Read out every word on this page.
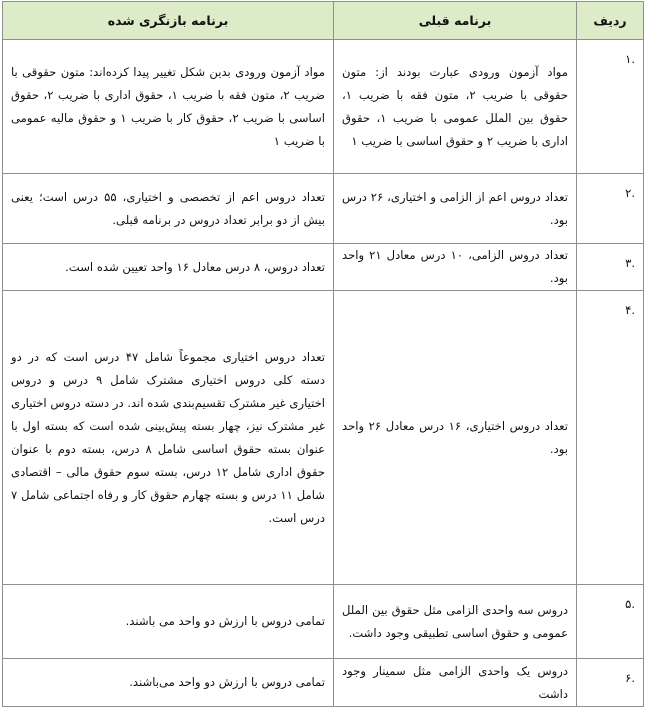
ردیف	برنامه قبلی	برنامه بازنگری شده
.۱	مواد آزمون ورودی عبارت بودند از: متون حقوقی با ضریب ۲، متون فقه با ضریب ۱، حقوق بین الملل عمومی با ضریب ۱، حقوق اداری با ضریب ۲ و حقوق اساسی با ضریب ۱	مواد آزمون ورودی بدین شکل تغییر پیدا کرده‌اند: متون حقوقی با ضریب ۲، متون فقه با ضریب ۱، حقوق اداری با ضریب ۲، حقوق اساسی با ضریب ۲، حقوق کار با ضریب ۱ و حقوق مالیه عمومی با ضریب ۱
.۲	تعداد دروس اعم از الزامی و اختیاری، ۲۶ درس بود.	تعداد دروس اعم از تخصصی و اختیاری، ۵۵ درس است؛ یعنی بیش از دو برابر تعداد دروس در برنامه قبلی.
.۳	تعداد دروس الزامی، ۱۰ درس معادل ۲۱ واحد بود.	تعداد دروس، ۸ درس معادل ۱۶ واحد تعیین شده است.
.۴	تعداد دروس اختیاری، ۱۶ درس معادل ۲۶ واحد بود.	تعداد دروس اختیاری مجموعاً شامل ۴۷ درس است که در دو دسته کلی دروس اختیاری مشترک شامل ۹ درس و دروس اختیاری غیر مشترک تقسیم‌بندی شده اند. در دسته دروس اختیاری غیر مشترک نیز، چهار بسته پیش‌بینی شده است که بسته اول با عنوان بسته حقوق اساسی شامل ۸ درس، بسته دوم با عنوان حقوق اداری شامل ۱۲ درس، بسته سوم حقوق مالی – اقتصادی شامل ۱۱ درس و بسته چهارم حقوق کار و رفاه اجتماعی شامل ۷ درس است.
.۵	دروس سه واحدی الزامی مثل حقوق بین الملل عمومی و حقوق اساسی تطبیقی وجود داشت.	تمامی دروس با ارزش دو واحد می باشند.
.۶	دروس یک واحدی الزامی مثل سمینار وجود داشت	تمامی دروس با ارزش دو واحد می‌باشند.
